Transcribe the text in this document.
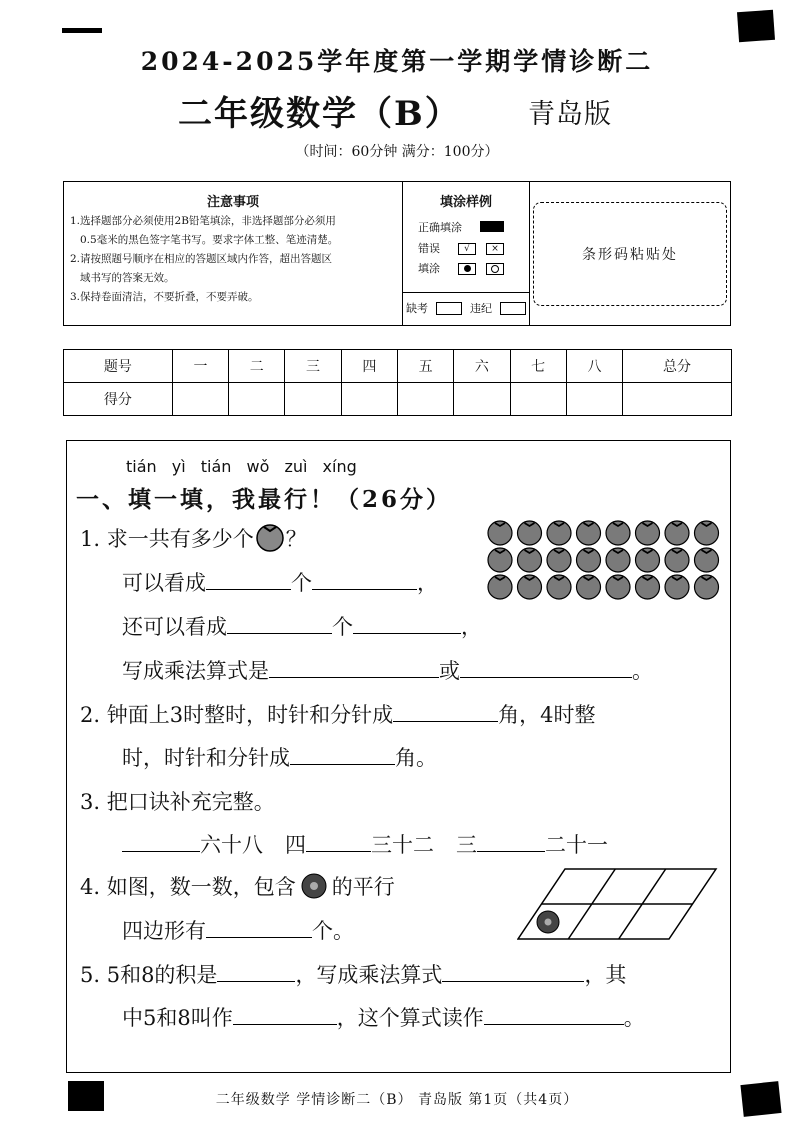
2024-2025学年度第一学期学情诊断二
二年级数学（B） 青岛版
（时间：60分钟 满分：100分）
注意事项

1.选择题部分必须使用2B铅笔填涂，非选择题部分必须用

0.5毫米的黑色签字笔书写。要求字体工整、笔迹清楚。

2.请按照题号顺序在相应的答题区域内作答，超出答题区

域书写的答案无效。

3.保持卷面清洁，不要折叠，不要弄破。

填涂样例
正确填涂
错误	√	×
填涂
缺考	违纪
条形码粘贴处
题号	一	二	三	四	五	六	七	八	总分
得分									
tián yì tián wǒ zuì xíng
一、填一填，我最行！（26分）
1. 求一共有多少个 ？
可以看成	个	，
还可以看成	个	，
写成乘法算式是	或	。
2. 钟面上3时整时，时针和分针成	角，4时整
时，时针和分针成	角。
3. 把口诀补充完整。
六十八 四	三十二 三	二十一
4. 如图，数一数，包含 的平行
四边形有	个。
5. 5和8的积是	，写成乘法算式	，其
中5和8叫作	，这个算式读作	。
二年级数学 学情诊断二（B） 青岛版 第1页（共4页）
